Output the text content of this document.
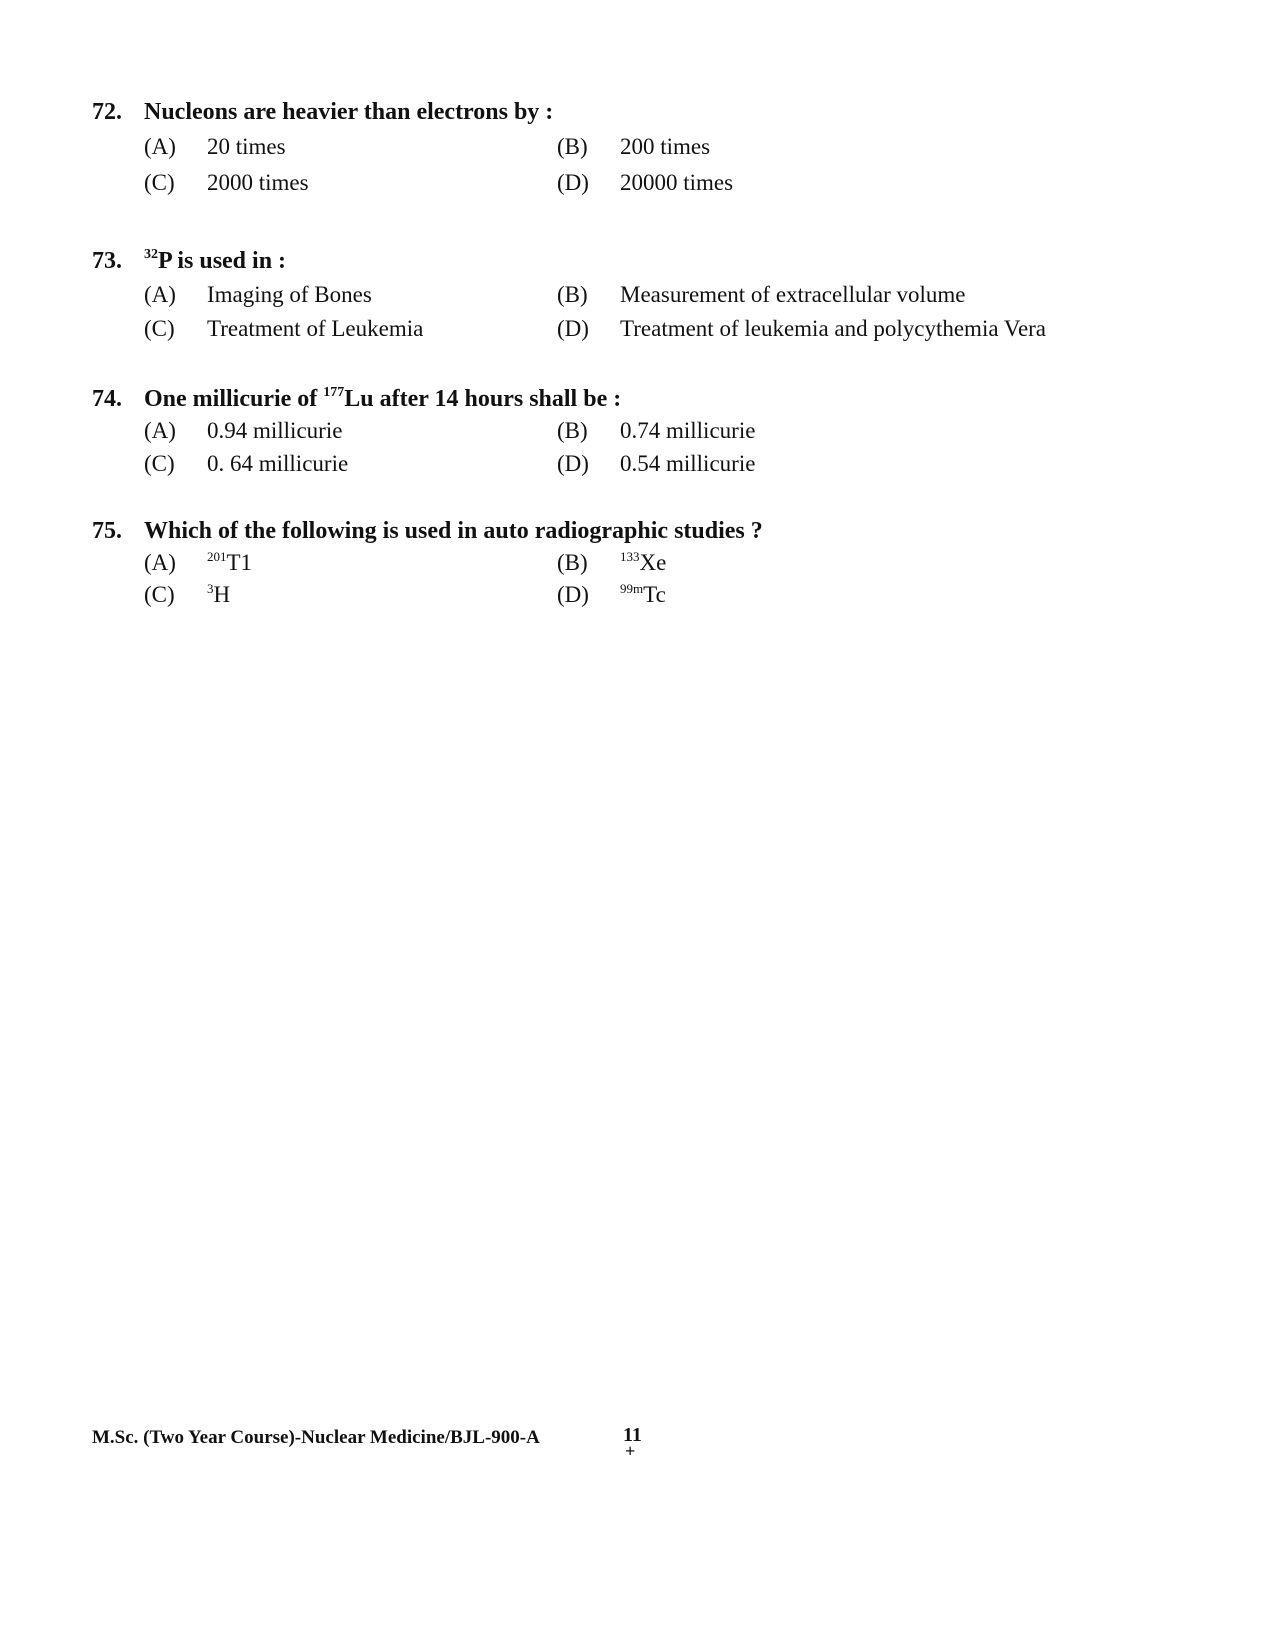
72. Nucleons are heavier than electrons by :
(A) 20 times	(B) 200 times
(C) 2000 times	(D) 20000 times
73. $^{32}$P is used in :
(A) Imaging of Bones	(B) Measurement of extracellular volume
(C) Treatment of Leukemia	(D) Treatment of leukemia and polycythemia Vera
74. One millicurie of $^{177}$Lu after 14 hours shall be :
(A) 0.94 millicurie	(B) 0.74 millicurie
(C) 0. 64 millicurie	(D) 0.54 millicurie
75. Which of the following is used in auto radiographic studies ?
(A) $^{201}$T1	(B) $^{133}$Xe
(C) $^3$H	(D) $^{99m}$Tc
M.Sc. (Two Year Course)-Nuclear Medicine/BJL-900-A	11
+
